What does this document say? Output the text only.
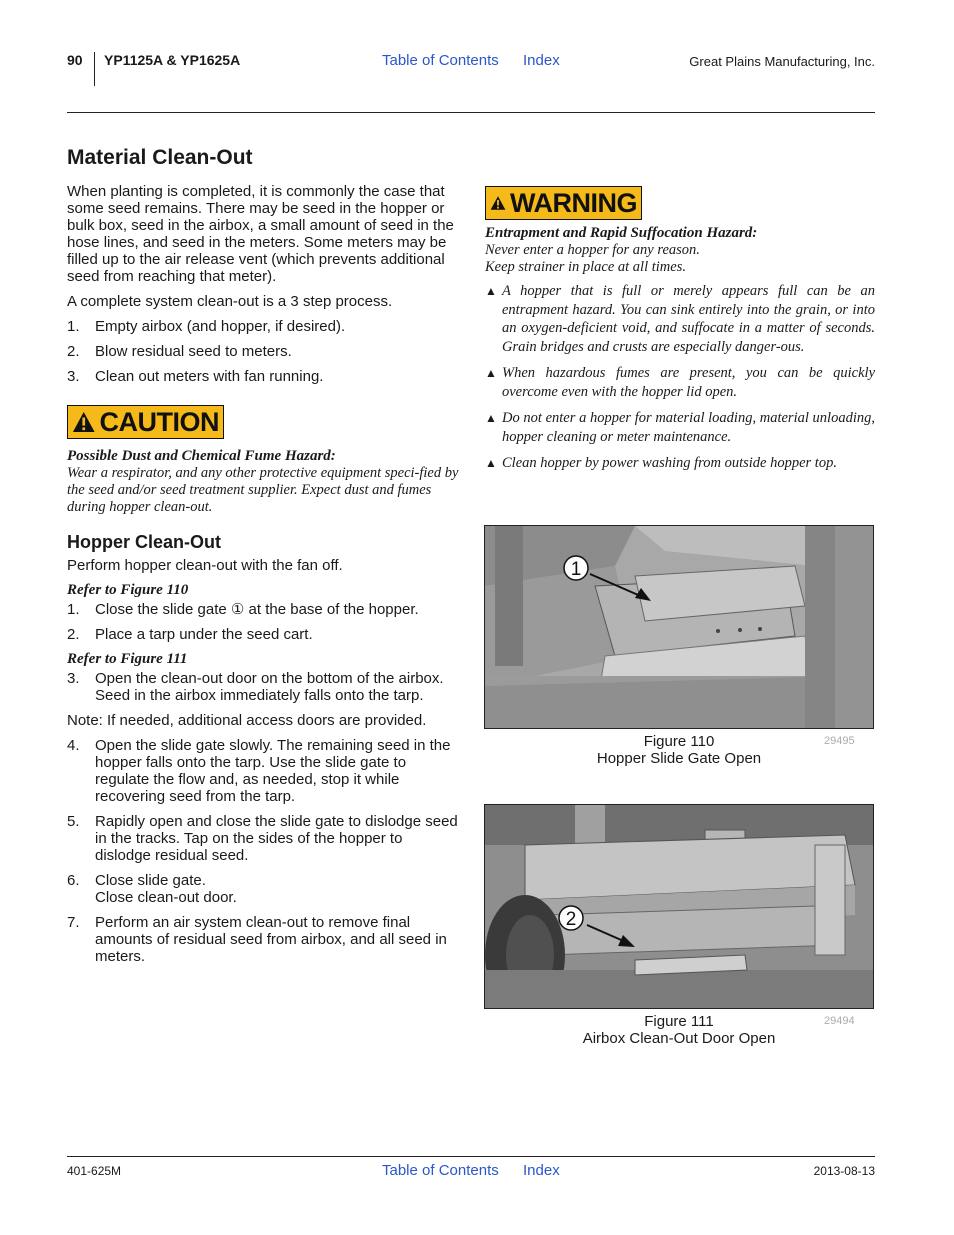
90 YP1125A & YP1625A	Table of Contents Index	Great Plains Manufacturing, Inc.
Material Clean-Out

When planting is completed, it is commonly the case that some seed remains. There may be seed in the hopper or bulk box, seed in the airbox, a small amount of seed in the hose lines, and seed in the meters. Some meters may be filled up to the air release vent (which prevents additional seed from reaching that meter).

A complete system clean-out is a 3 step process.

1.	Empty airbox (and hopper, if desired).
2.	Blow residual seed to meters.
3.	Clean out meters with fan running.
CAUTION
Possible Dust and Chemical Fume Hazard:
Wear a respirator, and any other protective equipment speci-fied by the seed and/or seed treatment supplier. Expect dust and fumes during hopper clean-out.
Hopper Clean-Out

Perform hopper clean-out with the fan off.

Refer to Figure 110
1.	Close the slide gate ① at the base of the hopper.
2.	Place a tarp under the seed cart.
Refer to Figure 111
3.	Open the clean-out door on the bottom of the airbox. Seed in the airbox immediately falls onto the tarp.
Note: If needed, additional access doors are provided.
4.	Open the slide gate slowly. The remaining seed in the hopper falls onto the tarp. Use the slide gate to regulate the flow and, as needed, stop it while recovering seed from the tarp.
5.	Rapidly open and close the slide gate to dislodge seed in the tracks. Tap on the sides of the hopper to dislodge residual seed.
6.	Close slide gate.
Close clean-out door.
7.	Perform an air system clean-out to remove final amounts of residual seed from airbox, and all seed in meters.
WARNING
Entrapment and Rapid Suffocation Hazard:
Never enter a hopper for any reason.
Keep strainer in place at all times.
▲ A hopper that is full or merely appears full can be an entrapment hazard. You can sink entirely into the grain, or into an oxygen-deficient void, and suffocate in a matter of seconds. Grain bridges and crusts are especially danger-ous.
▲ When hazardous fumes are present, you can be quickly overcome even with the hopper lid open.
▲ Do not enter a hopper for material loading, material unloading, hopper cleaning or meter maintenance.
▲ Clean hopper by power washing from outside hopper top.
1
Figure 110
Hopper Slide Gate Open
29495
2
Figure 111
Airbox Clean-Out Door Open
29494
401-625M	Table of Contents Index	2013-08-13
